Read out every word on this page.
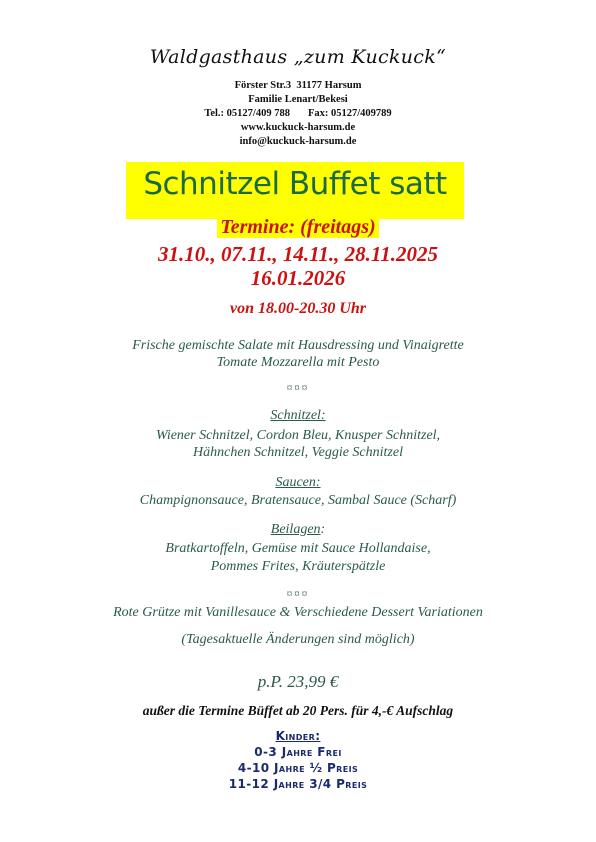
Waldgasthaus „zum Kuckuck“
Förster Str.3 31177 Harsum
Familie Lenart/Bekesi
Tel.: 05127/409 788 Fax: 05127/409789
www.kuckuck-harsum.de
info@kuckuck-harsum.de
Schnitzel Buffet satt
Termine: (freitags)
31.10., 07.11., 14.11., 28.11.2025
16.01.2026
von 18.00-20.30 Uhr
Frische gemischte Salate mit Hausdressing und Vinaigrette
Tomate Mozzarella mit Pesto
¤¤¤
Schnitzel:
Wiener Schnitzel, Cordon Bleu, Knusper Schnitzel,
Hähnchen Schnitzel, Veggie Schnitzel
Saucen:
Champignonsauce, Bratensauce, Sambal Sauce (Scharf)
Beilagen:
Bratkartoffeln, Gemüse mit Sauce Hollandaise,
Pommes Frites, Kräuterspätzle
¤¤¤
Rote Grütze mit Vanillesauce & Verschiedene Dessert Variationen
(Tagesaktuelle Änderungen sind möglich)
p.P. 23,99 €
außer die Termine Büffet ab 20 Pers. für 4,-€ Aufschlag
Kinder:
0-3 Jahre Frei
4-10 Jahre ½ Preis
11-12 Jahre 3/4 Preis
